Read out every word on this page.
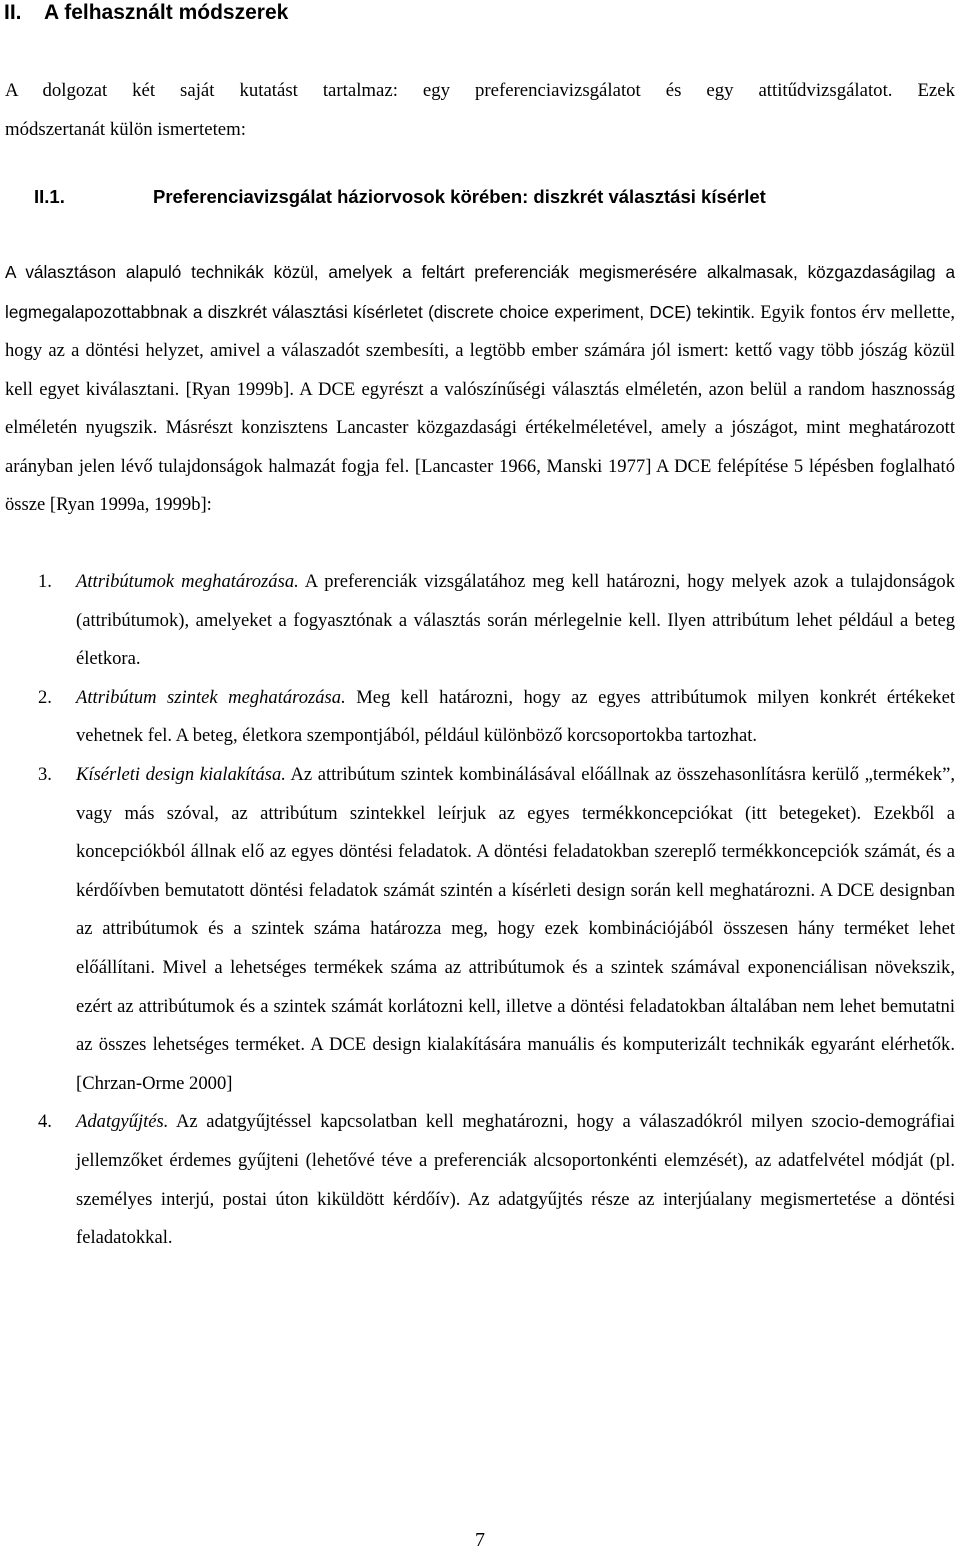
II. A felhasznált módszerek
A dolgozat két saját kutatást tartalmaz: egy preferenciavizsgálatot és egy attitűdvizsgálatot. Ezek
módszertanát külön ismertetem:
II.1.	Preferenciavizsgálat háziorvosok körében: diszkrét választási kísérlet
A választáson alapuló technikák közül, amelyek a feltárt preferenciák megismerésére alkalmasak, közgazdaságilag a legmegalapozottabbnak a diszkrét választási kísérletet (discrete choice experiment, DCE) tekintik. Egyik fontos érv mellette, hogy az a döntési helyzet, amivel a válaszadót szembesíti, a legtöbb ember számára jól ismert: kettő vagy több jószág közül kell egyet kiválasztani. [Ryan 1999b]. A DCE egyrészt a valószínűségi választás elméletén, azon belül a random hasznosság elméletén nyugszik. Másrészt konzisztens Lancaster közgazdasági értékelméletével, amely a jószágot, mint meghatározott arányban jelen lévő tulajdonságok halmazát fogja fel. [Lancaster 1966, Manski 1977] A DCE felépítése 5 lépésben foglalható össze [Ryan 1999a, 1999b]:
1. Attribútumok meghatározása. A preferenciák vizsgálatához meg kell határozni, hogy melyek azok a tulajdonságok (attribútumok), amelyeket a fogyasztónak a választás során mérlegelnie kell. Ilyen attribútum lehet például a beteg életkora.
2. Attribútum szintek meghatározása. Meg kell határozni, hogy az egyes attribútumok milyen konkrét értékeket vehetnek fel. A beteg, életkora szempontjából, például különböző korcsoportokba tartozhat.
3. Kísérleti design kialakítása. Az attribútum szintek kombinálásával előállnak az összehasonlításra kerülő „termékek”, vagy más szóval, az attribútum szintekkel leírjuk az egyes termékkoncepciókat (itt betegeket). Ezekből a koncepciókból állnak elő az egyes döntési feladatok. A döntési feladatokban szereplő termékkoncepciók számát, és a kérdőívben bemutatott döntési feladatok számát szintén a kísérleti design során kell meghatározni. A DCE designban az attribútumok és a szintek száma határozza meg, hogy ezek kombinációjából összesen hány terméket lehet előállítani. Mivel a lehetséges termékek száma az attribútumok és a szintek számával exponenciálisan növekszik, ezért az attribútumok és a szintek számát korlátozni kell, illetve a döntési feladatokban általában nem lehet bemutatni az összes lehetséges terméket. A DCE design kialakítására manuális és komputerizált technikák egyaránt elérhetők. [Chrzan-Orme 2000]
4. Adatgyűjtés. Az adatgyűjtéssel kapcsolatban kell meghatározni, hogy a válaszadókról milyen szocio-demográfiai jellemzőket érdemes gyűjteni (lehetővé téve a preferenciák alcsoportonkénti elemzését), az adatfelvétel módját (pl. személyes interjú, postai úton kiküldött kérdőív). Az adatgyűjtés része az interjúalany megismertetése a döntési feladatokkal.
7
